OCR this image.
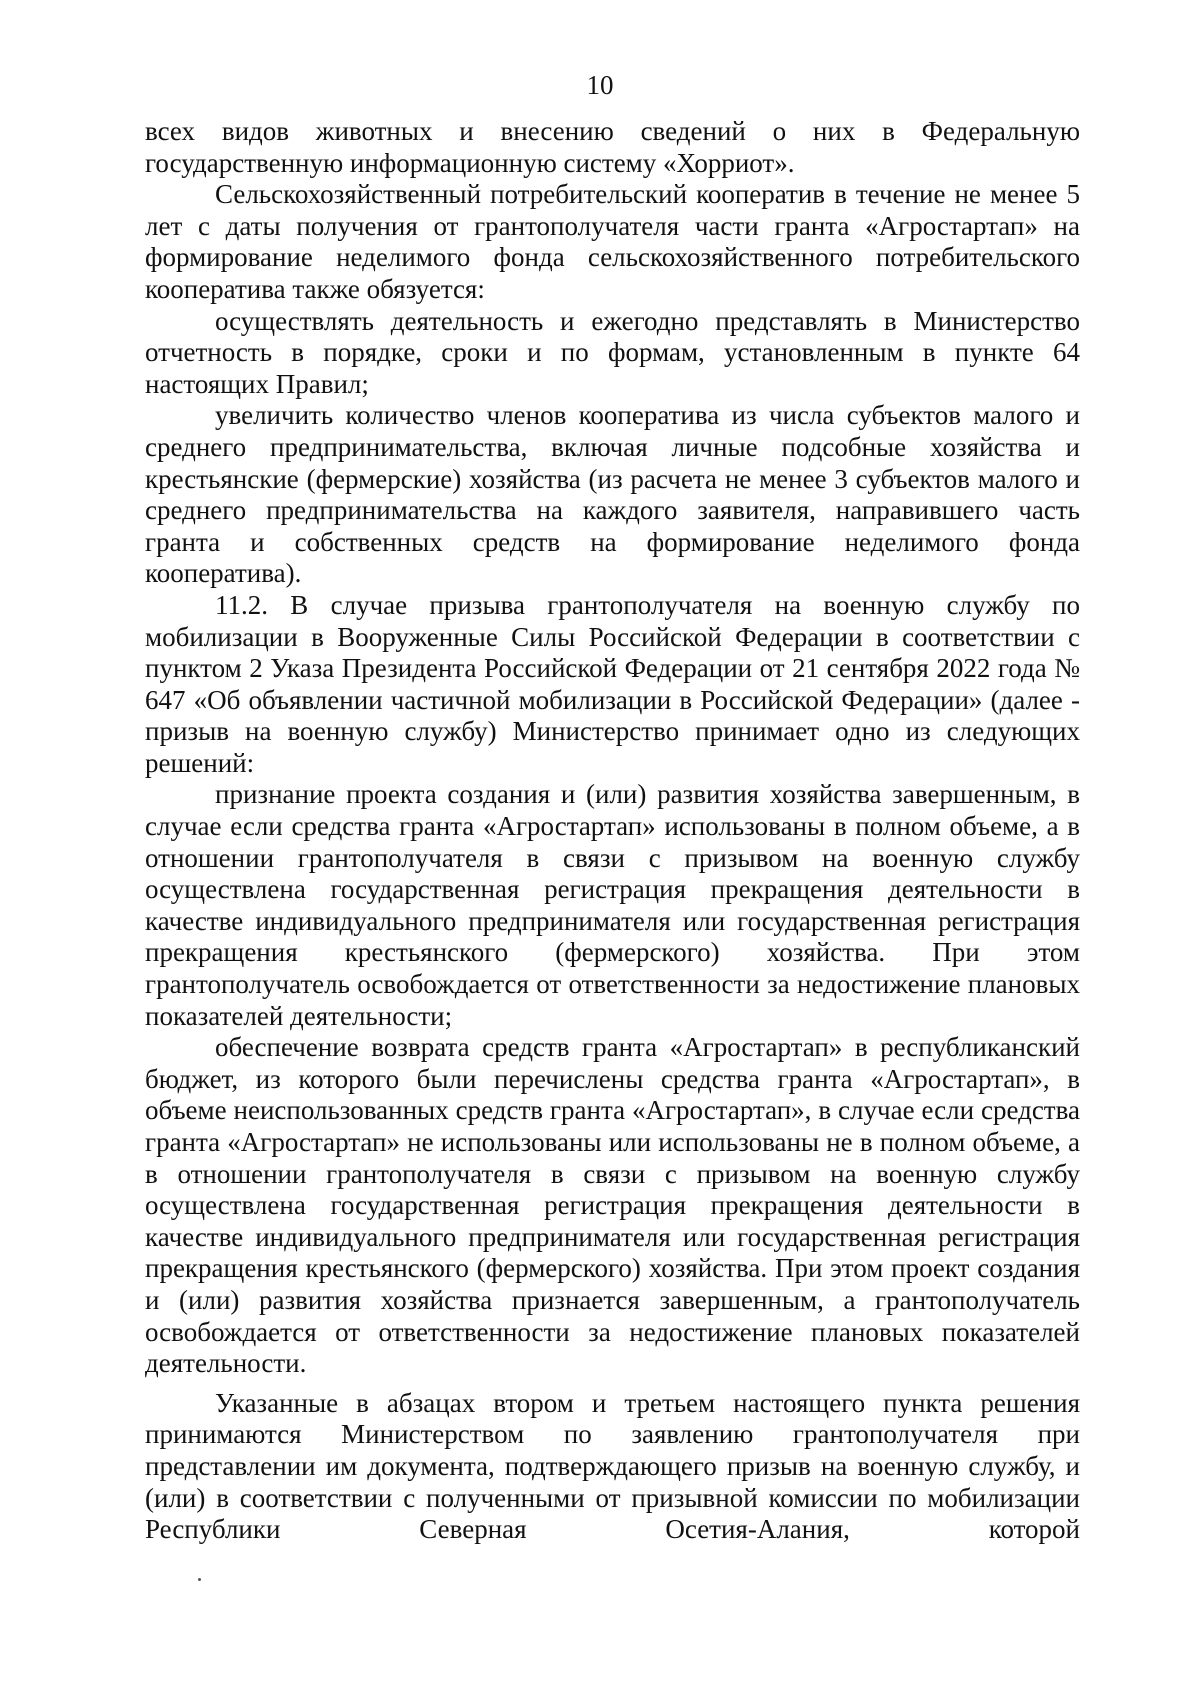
10

всех видов животных и внесению сведений о них в Федеральную государственную информационную систему «Хорриот».

Сельскохозяйственный потребительский кооператив в течение не менее 5 лет с даты получения от грантополучателя части гранта «Агростартап» на формирование неделимого фонда сельскохозяйственного потребительского кооператива также обязуется:

осуществлять деятельность и ежегодно представлять в Министерство отчетность в порядке, сроки и по формам, установленным в пункте 64 настоящих Правил;

увеличить количество членов кооператива из числа субъектов малого и среднего предпринимательства, включая личные подсобные хозяйства и крестьянские (фермерские) хозяйства (из расчета не менее 3 субъектов малого и среднего предпринимательства на каждого заявителя, направившего часть гранта и собственных средств на формирование неделимого фонда кооператива).

11.2. В случае призыва грантополучателя на военную службу по мобилизации в Вооруженные Силы Российской Федерации в соответствии с пунктом 2 Указа Президента Российской Федерации от 21 сентября 2022 года № 647 «Об объявлении частичной мобилизации в Российской Федерации» (далее - призыв на военную службу) Министерство принимает одно из следующих решений:

признание проекта создания и (или) развития хозяйства завершенным, в случае если средства гранта «Агростартап» использованы в полном объеме, а в отношении грантополучателя в связи с призывом на военную службу осуществлена государственная регистрация прекращения деятельности в качестве индивидуального предпринимателя или государственная регистрация прекращения крестьянского (фермерского) хозяйства. При этом грантополучатель освобождается от ответственности за недостижение плановых показателей деятельности;

обеспечение возврата средств гранта «Агростартап» в республиканский бюджет, из которого были перечислены средства гранта «Агростартап», в объеме неиспользованных средств гранта «Агростартап», в случае если средства гранта «Агростартап» не использованы или использованы не в полном объеме, а в отношении грантополучателя в связи с призывом на военную службу осуществлена государственная регистрация прекращения деятельности в качестве индивидуального предпринимателя или государственная регистрация прекращения крестьянского (фермерского) хозяйства. При этом проект создания и (или) развития хозяйства признается завершенным, а грантополучатель освобождается от ответственности за недостижение плановых показателей деятельности.

Указанные в абзацах втором и третьем настоящего пункта решения принимаются Министерством по заявлению грантополучателя при представлении им документа, подтверждающего призыв на военную службу, и (или) в соответствии с полученными от призывной комиссии по мобилизации Республики Северная Осетия-Алания, которой
